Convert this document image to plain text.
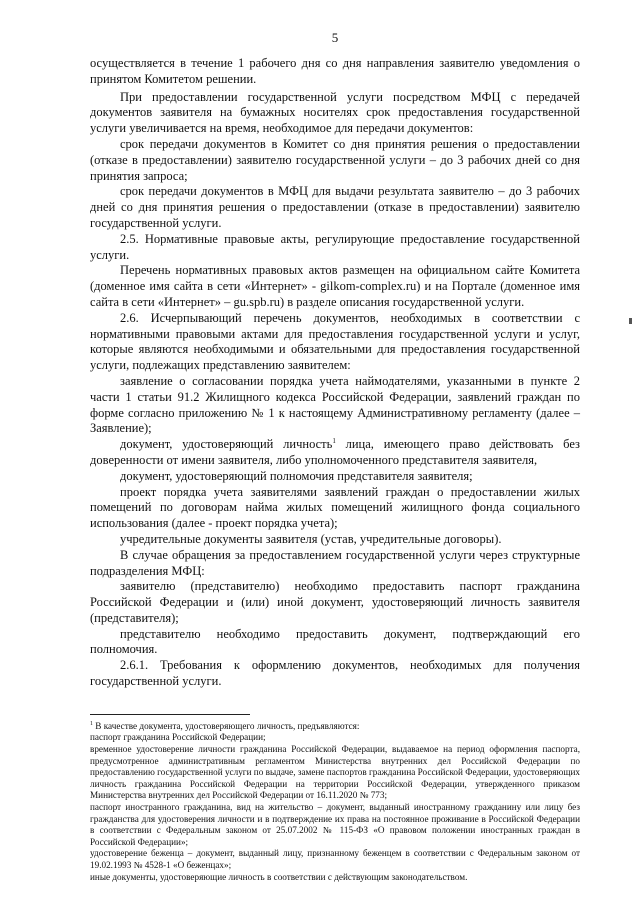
5

осуществляется в течение 1 рабочего дня со дня направления заявителю уведомления о принятом Комитетом решении.

При предоставлении государственной услуги посредством МФЦ с передачей документов заявителя на бумажных носителях срок предоставления государственной услуги увеличивается на время, необходимое для передачи документов:

срок передачи документов в Комитет со дня принятия решения о предоставлении (отказе в предоставлении) заявителю государственной услуги – до 3 рабочих дней со дня принятия запроса;

срок передачи документов в МФЦ для выдачи результата заявителю – до 3 рабочих дней со дня принятия решения о предоставлении (отказе в предоставлении) заявителю государственной услуги.

2.5. Нормативные правовые акты, регулирующие предоставление государственной услуги.

Перечень нормативных правовых актов размещен на официальном сайте Комитета (доменное имя сайта в сети «Интернет» - gilkom-complex.ru) и на Портале (доменное имя сайта в сети «Интернет» – gu.spb.ru) в разделе описания государственной услуги.

2.6. Исчерпывающий перечень документов, необходимых в соответствии с нормативными правовыми актами для предоставления государственной услуги и услуг, которые являются необходимыми и обязательными для предоставления государственной услуги, подлежащих представлению заявителем:

заявление о согласовании порядка учета наймодателями, указанными в пункте 2 части 1 статьи 91.2 Жилищного кодекса Российской Федерации, заявлений граждан по форме согласно приложению № 1 к настоящему Административному регламенту (далее – Заявление);

документ, удостоверяющий личность$^1$ лица, имеющего право действовать без доверенности от имени заявителя, либо уполномоченного представителя заявителя,

документ, удостоверяющий полномочия представителя заявителя;

проект порядка учета заявителями заявлений граждан о предоставлении жилых помещений по договорам найма жилых помещений жилищного фонда социального использования (далее - проект порядка учета);

учредительные документы заявителя (устав, учредительные договоры).

В случае обращения за предоставлением государственной услуги через структурные подразделения МФЦ:

заявителю (представителю) необходимо предоставить паспорт гражданина Российской Федерации и (или) иной документ, удостоверяющий личность заявителя (представителя);

представителю необходимо предоставить документ, подтверждающий его полномочия.

2.6.1. Требования к оформлению документов, необходимых для получения государственной услуги.

$^1$ В качестве документа, удостоверяющего личность, предъявляются:

паспорт гражданина Российской Федерации;

временное удостоверение личности гражданина Российской Федерации, выдаваемое на период оформления паспорта, предусмотренное административным регламентом Министерства внутренних дел Российской Федерации по предоставлению государственной услуги по выдаче, замене паспортов гражданина Российской Федерации, удостоверяющих личность гражданина Российской Федерации на территории Российской Федерации, утвержденного приказом Министерства внутренних дел Российской Федерации от 16.11.2020 № 773;

паспорт иностранного гражданина, вид на жительство – документ, выданный иностранному гражданину или лицу без гражданства для удостоверения личности и в подтверждение их права на постоянное проживание в Российской Федерации в соответствии с Федеральным законом от 25.07.2002 № 115-ФЗ «О правовом положении иностранных граждан в Российской Федерации»;

удостоверение беженца – документ, выданный лицу, признанному беженцем в соответствии с Федеральным законом от 19.02.1993 № 4528-1 «О беженцах»;

иные документы, удостоверяющие личность в соответствии с действующим законодательством.
